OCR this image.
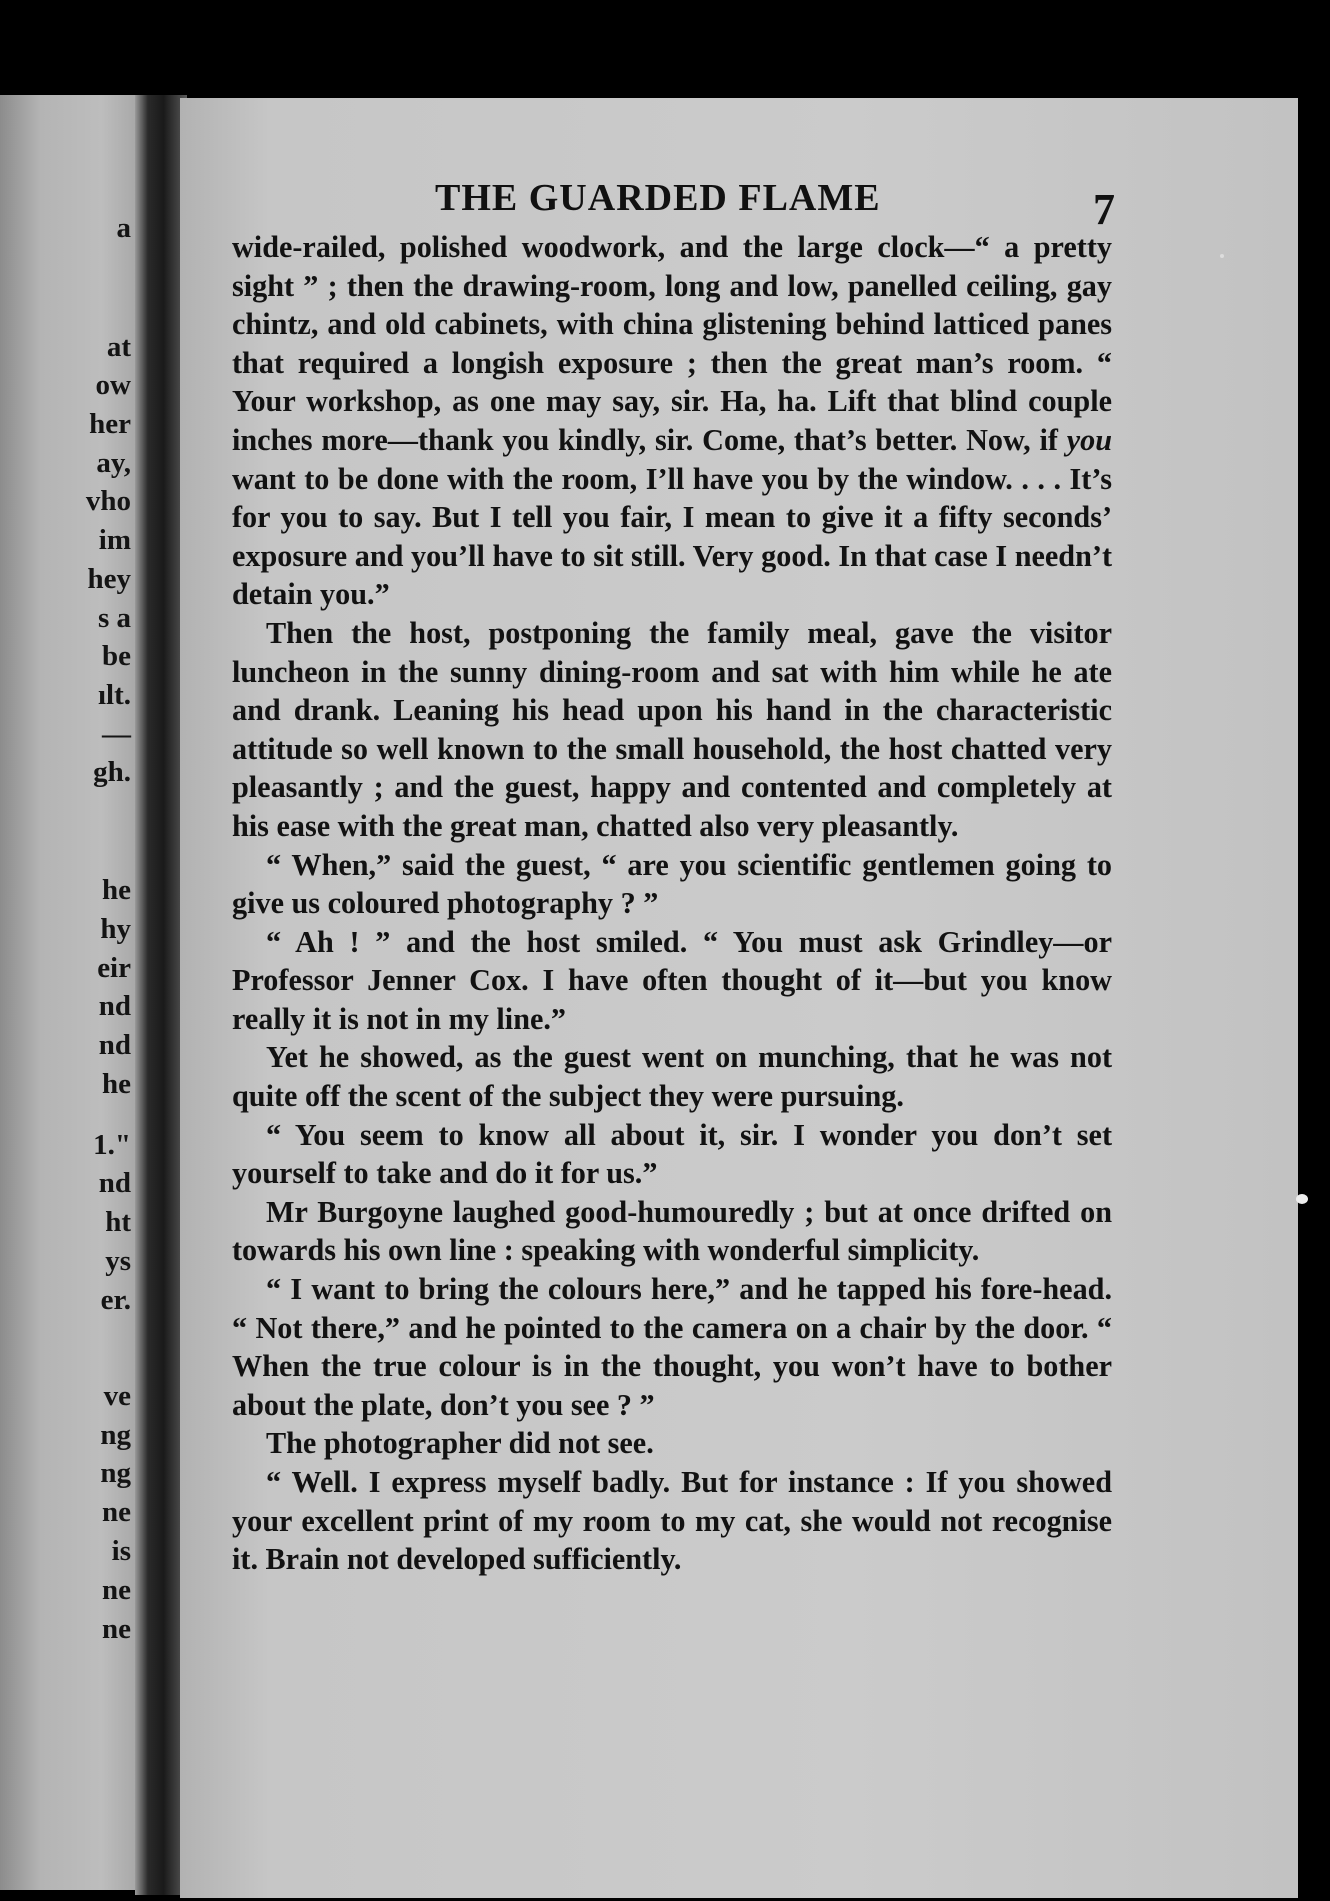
a
at
ow
her
ay,
vho
im
hey
s a
be
ılt.
—
gh.
he
hy
eir
nd
nd
he
1."
nd
ht
ys
er.
ve
ng
ng
ne
is
ne
ne
THE GUARDED FLAME	7

wide-railed, polished woodwork, and the large clock—“ a pretty sight ” ; then the drawing-room, long and low, panelled ceiling, gay chintz, and old cabinets, with china glistening behind latticed panes that required a longish exposure ; then the great man’s room. “ Your workshop, as one may say, sir. Ha, ha. Lift that blind couple inches more—thank you kindly, sir. Come, that’s better. Now, if you want to be done with the room, I’ll have you by the window. . . . It’s for you to say. But I tell you fair, I mean to give it a fifty seconds’ exposure and you’ll have to sit still. Very good. In that case I needn’t detain you.”

Then the host, postponing the family meal, gave the visitor luncheon in the sunny dining-room and sat with him while he ate and drank. Leaning his head upon his hand in the characteristic attitude so well known to the small household, the host chatted very pleasantly ; and the guest, happy and contented and completely at his ease with the great man, chatted also very pleasantly.

“ When,” said the guest, “ are you scientific gentlemen going to give us coloured photography ? ”

“ Ah ! ” and the host smiled. “ You must ask Grindley—or Professor Jenner Cox. I have often thought of it—but you know really it is not in my line.”

Yet he showed, as the guest went on munching, that he was not quite off the scent of the subject they were pursuing.

“ You seem to know all about it, sir. I wonder you don’t set yourself to take and do it for us.”

Mr Burgoyne laughed good-humouredly ; but at once drifted on towards his own line : speaking with wonderful simplicity.

“ I want to bring the colours here,” and he tapped his fore-head. “ Not there,” and he pointed to the camera on a chair by the door. “ When the true colour is in the thought, you won’t have to bother about the plate, don’t you see ? ”

The photographer did not see.

“ Well. I express myself badly. But for instance : If you showed your excellent print of my room to my cat, she would not recognise it. Brain not developed sufficiently.
